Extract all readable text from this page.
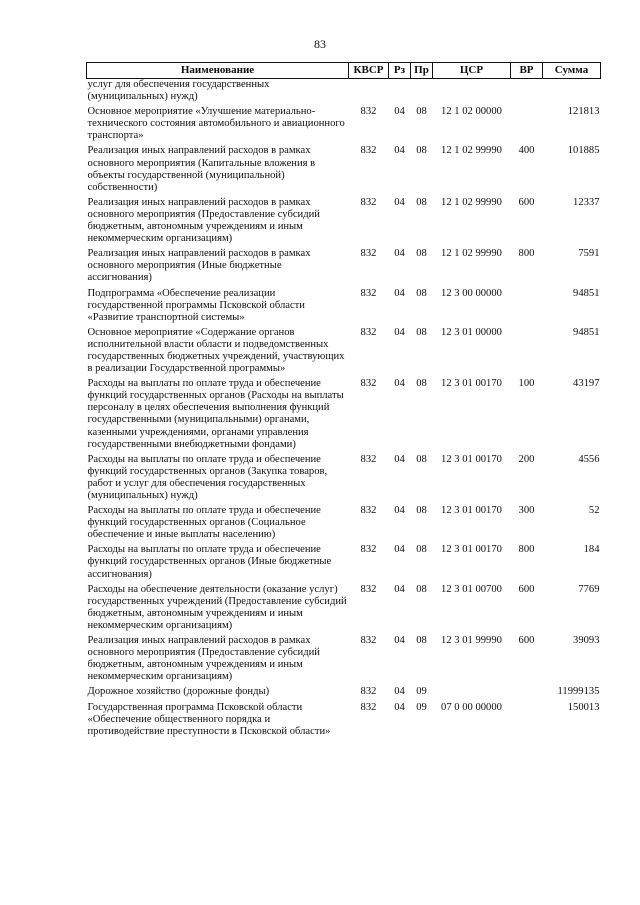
83
Наименование	КВСР	Рз	Пр	ЦСР	ВР	Сумма
услуг для обеспечения государственных (муниципальных) нужд)						
Основное мероприятие «Улучшение материально-технического состояния автомобильного и авиационного транспорта»	832	04	08	12 1 02 00000		121813
Реализация иных направлений расходов в рамках основного мероприятия (Капитальные вложения в объекты государственной (муниципальной) собственности)	832	04	08	12 1 02 99990	400	101885
Реализация иных направлений расходов в рамках основного мероприятия (Предоставление субсидий бюджетным, автономным учреждениям и иным некоммерческим организациям)	832	04	08	12 1 02 99990	600	12337
Реализация иных направлений расходов в рамках основного мероприятия (Иные бюджетные ассигнования)	832	04	08	12 1 02 99990	800	7591
Подпрограмма «Обеспечение реализации государственной программы Псковской области «Развитие транспортной системы»	832	04	08	12 3 00 00000		94851
Основное мероприятие «Содержание органов исполнительной власти области и подведомственных государственных бюджетных учреждений, участвующих в реализации Государственной программы»	832	04	08	12 3 01 00000		94851
Расходы на выплаты по оплате труда и обеспечение функций государственных органов (Расходы на выплаты персоналу в целях обеспечения выполнения функций государственными (муниципальными) органами, казенными учреждениями, органами управления государственными внебюджетными фондами)	832	04	08	12 3 01 00170	100	43197
Расходы на выплаты по оплате труда и обеспечение функций государственных органов (Закупка товаров, работ и услуг для обеспечения государственных (муниципальных) нужд)	832	04	08	12 3 01 00170	200	4556
Расходы на выплаты по оплате труда и обеспечение функций государственных органов (Социальное обеспечение и иные выплаты населению)	832	04	08	12 3 01 00170	300	52
Расходы на выплаты по оплате труда и обеспечение функций государственных органов (Иные бюджетные ассигнования)	832	04	08	12 3 01 00170	800	184
Расходы на обеспечение деятельности (оказание услуг) государственных учреждений (Предоставление субсидий бюджетным, автономным учреждениям и иным некоммерческим организациям)	832	04	08	12 3 01 00700	600	7769
Реализация иных направлений расходов в рамках основного мероприятия (Предоставление субсидий бюджетным, автономным учреждениям и иным некоммерческим организациям)	832	04	08	12 3 01 99990	600	39093
Дорожное хозяйство (дорожные фонды)	832	04	09			11999135
Государственная программа Псковской области «Обеспечение общественного порядка и противодействие преступности в Псковской области»	832	04	09	07 0 00 00000		150013
